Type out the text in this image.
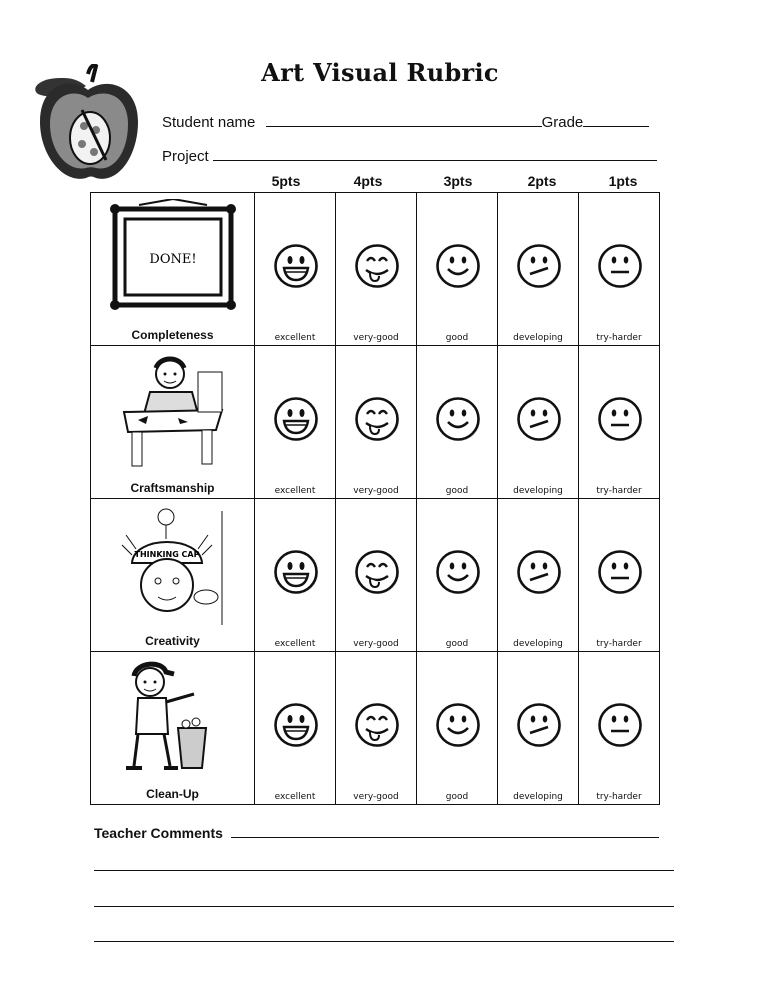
Art Visual Rubric
Student name	Grade
Project
5pts	4pts	3pts	2pts	1pts
DONE!
Completeness	excellent	very-good	good	developing	try-harder

Craftsmanship	excellent	very-good	good	developing	try-harder

THINKING CAP
Creativity	excellent	very-good	good	developing	try-harder

Clean-Up	excellent	very-good	good	developing	try-harder
Teacher Comments
